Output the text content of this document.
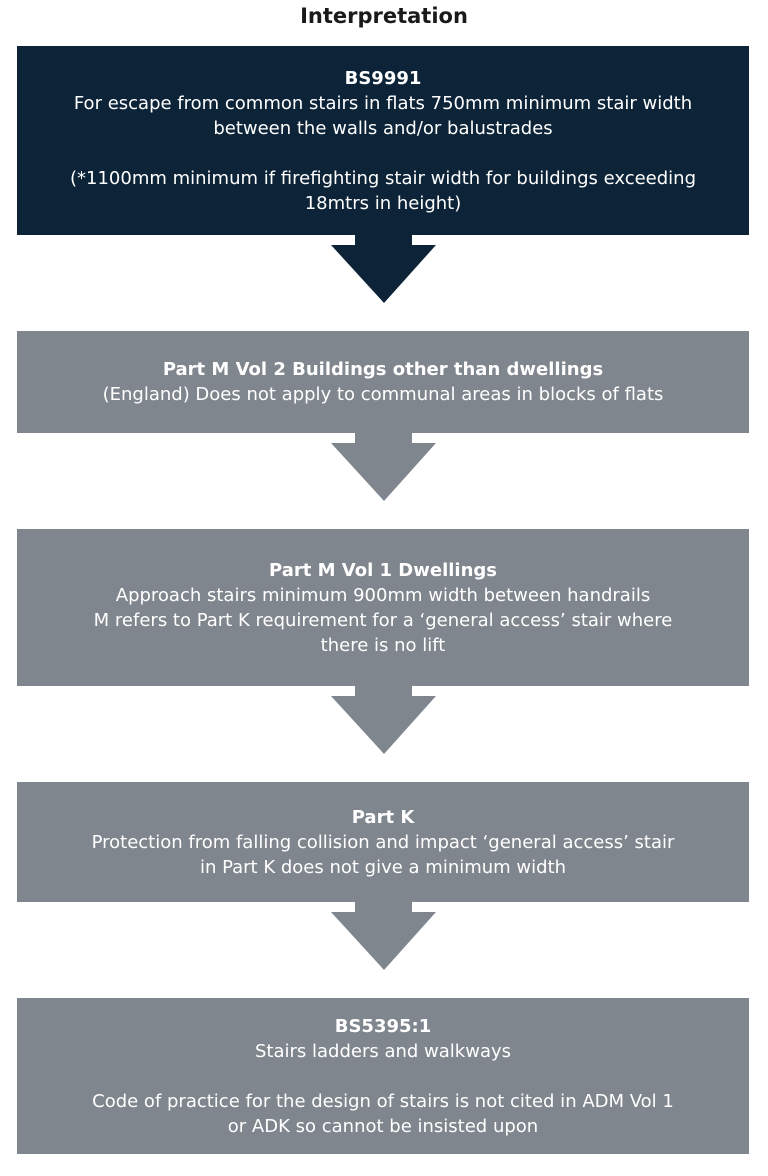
Interpretation
BS9991
For escape from common stairs in flats 750mm minimum stair width
between the walls and/or balustrades
(*1100mm minimum if firefighting stair width for buildings exceeding
18mtrs in height)
Part M Vol 2 Buildings other than dwellings
(England) Does not apply to communal areas in blocks of flats
Part M Vol 1 Dwellings
Approach stairs minimum 900mm width between handrails
M refers to Part K requirement for a ‘general access’ stair where
there is no lift
Part K
Protection from falling collision and impact ‘general access’ stair
in Part K does not give a minimum width
BS5395:1
Stairs ladders and walkways
Code of practice for the design of stairs is not cited in ADM Vol 1
or ADK so cannot be insisted upon
